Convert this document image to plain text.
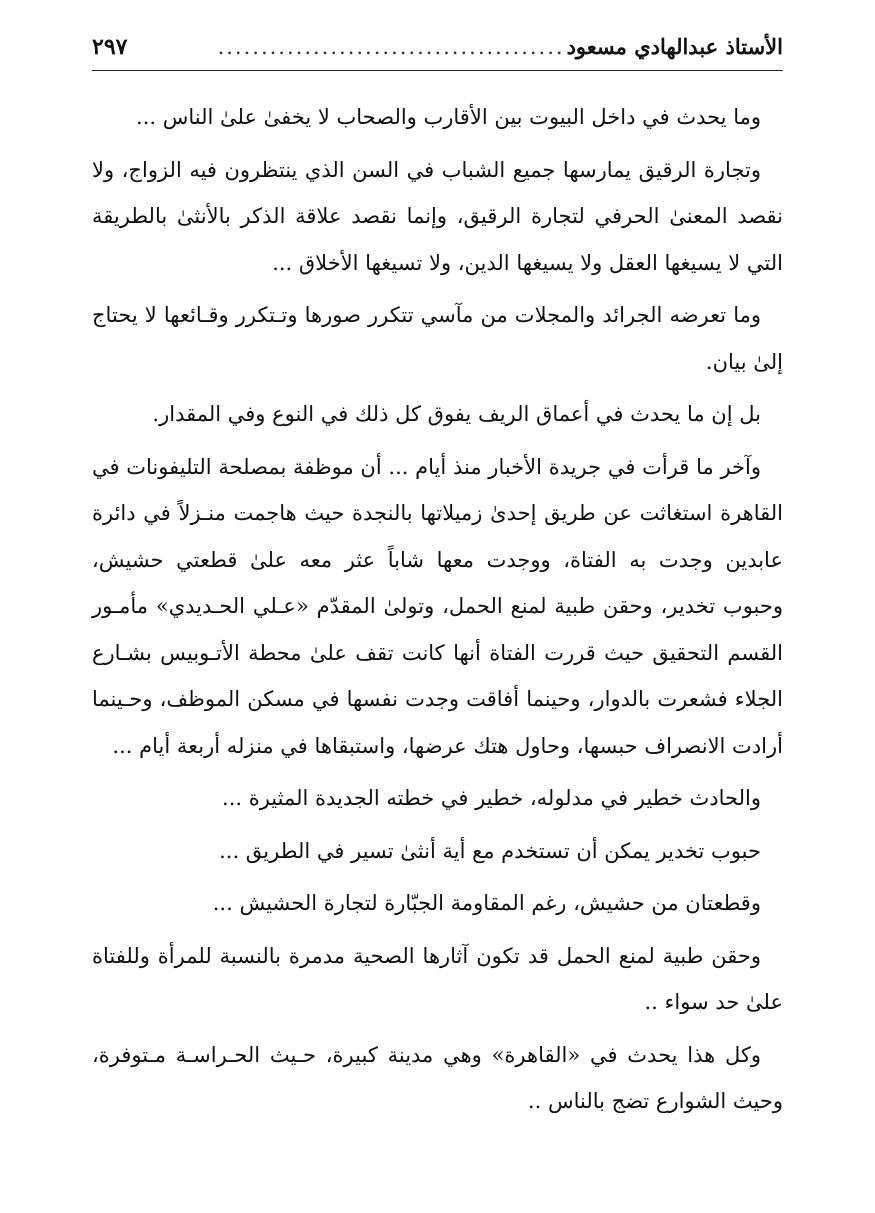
الأستاذ عبدالهادي مسعود
........................................
٢٩٧

وما يحدث في داخل البيوت بين الأقارب والصحاب لا يخفىٰ علىٰ الناس ...

وتجارة الرقيق يمارسها جميع الشباب في السن الذي ينتظرون فيه الزواج، ولا نقصد المعنىٰ الحرفي لتجارة الرقيق، وإنما نقصد علاقة الذكر بالأنثىٰ بالطريقة التي لا يسيغها العقل ولا يسيغها الدين، ولا تسيغها الأخلاق ...

وما تعرضه الجرائد والمجلات من مآسي تتكرر صورها وتـتكرر وقـائعها لا يحتاج إلىٰ بيان.

بل إن ما يحدث في أعماق الريف يفوق كل ذلك في النوع وفي المقدار.

وآخر ما قرأت في جريدة الأخبار منذ أيام ... أن موظفة بمصلحة التليفونات في القاهرة استغاثت عن طريق إحدىٰ زميلاتها بالنجدة حيث هاجمت منـزلاً في دائرة عابدين وجدت به الفتاة، ووجدت معها شاباً عثر معه علىٰ قطعتي حشيش، وحبوب تخدير، وحقن طبية لمنع الحمل، وتولىٰ المقدّم «عـلي الحـديدي» مأمـور القسم التحقيق حيث قررت الفتاة أنها كانت تقف علىٰ محطة الأتـوبيس بشـارع الجلاء فشعرت بالدوار، وحينما أفاقت وجدت نفسها في مسكن الموظف، وحـينما أرادت الانصراف حبسها، وحاول هتك عرضها، واستبقاها في منزله أربعة أيام ...

والحادث خطير في مدلوله، خطير في خطته الجديدة المثيرة ...

حبوب تخدير يمكن أن تستخدم مع أية أنثىٰ تسير في الطريق ...

وقطعتان من حشيش، رغم المقاومة الجبّارة لتجارة الحشيش ...

وحقن طبية لمنع الحمل قد تكون آثارها الصحية مدمرة بالنسبة للمرأة وللفتاة علىٰ حد سواء ..

وكل هذا يحدث في «القاهرة» وهي مدينة كبيرة، حـيث الحـراسـة مـتوفرة، وحيث الشوارع تضج بالناس ..
